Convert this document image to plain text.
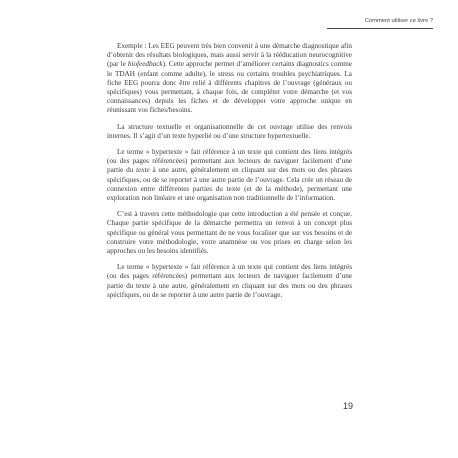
Comment utiliser ce livre ?

Exemple : Les EEG peuvent très bien convenir à une démarche diagnostique afin d’obtenir des résultats biologiques, mais aussi servir à la rééducation neurocognitive (par le biofeedback). Cette approche permet d’améliorer certains diagnostics comme le TDAH (enfant comme adulte), le stress ou certains troubles psychiatriques. La fiche EEG pourra donc être relié à différents chapitres de l’ouvrage (généraux ou spécifiques) vous permettant, à chaque fois, de compléter votre démarche (et vos connaissances) depuis les fiches et de développer votre approche unique en réunissant vos fiches/besoins.

La structure textuelle et organisationnelle de cet ouvrage utilise des renvois internes. Il s’agit d’un texte hyperlié ou d’une structure hypertextuelle.

Le terme « hypertexte » fait référence à un texte qui contient des liens intégrés (ou des pages référencées) permettant aux lecteurs de naviguer facilement d’une partie du texte à une autre, généralement en cliquant sur des mots ou des phrases spécifiques, ou de se reporter à une autre partie de l’ouvrage. Cela crée un réseau de connexion entre différentes parties du texte (et de la méthode), permettant une exploration non linéaire et une organisation non traditionnelle de l’information.

C’est à travers cette méthodologie que cette introduction a été pensée et conçue. Chaque partie spécifique de la démarche permettra un renvoi à un concept plus spécifique ou général vous permettant de ne vous focaliser que sur vos besoins et de construire votre méthodologie, votre anamnèse ou vos prises en charge selon les approches ou les besoins identifiés.

Le terme « hypertexte » fait référence à un texte qui contient des liens intégrés (ou des pages référencées) permettant aux lecteurs de naviguer facilement d’une partie du texte à une autre, généralement en cliquant sur des mots ou des phrases spécifiques, ou de se reporter à une autre partie de l’ouvrage.

19
